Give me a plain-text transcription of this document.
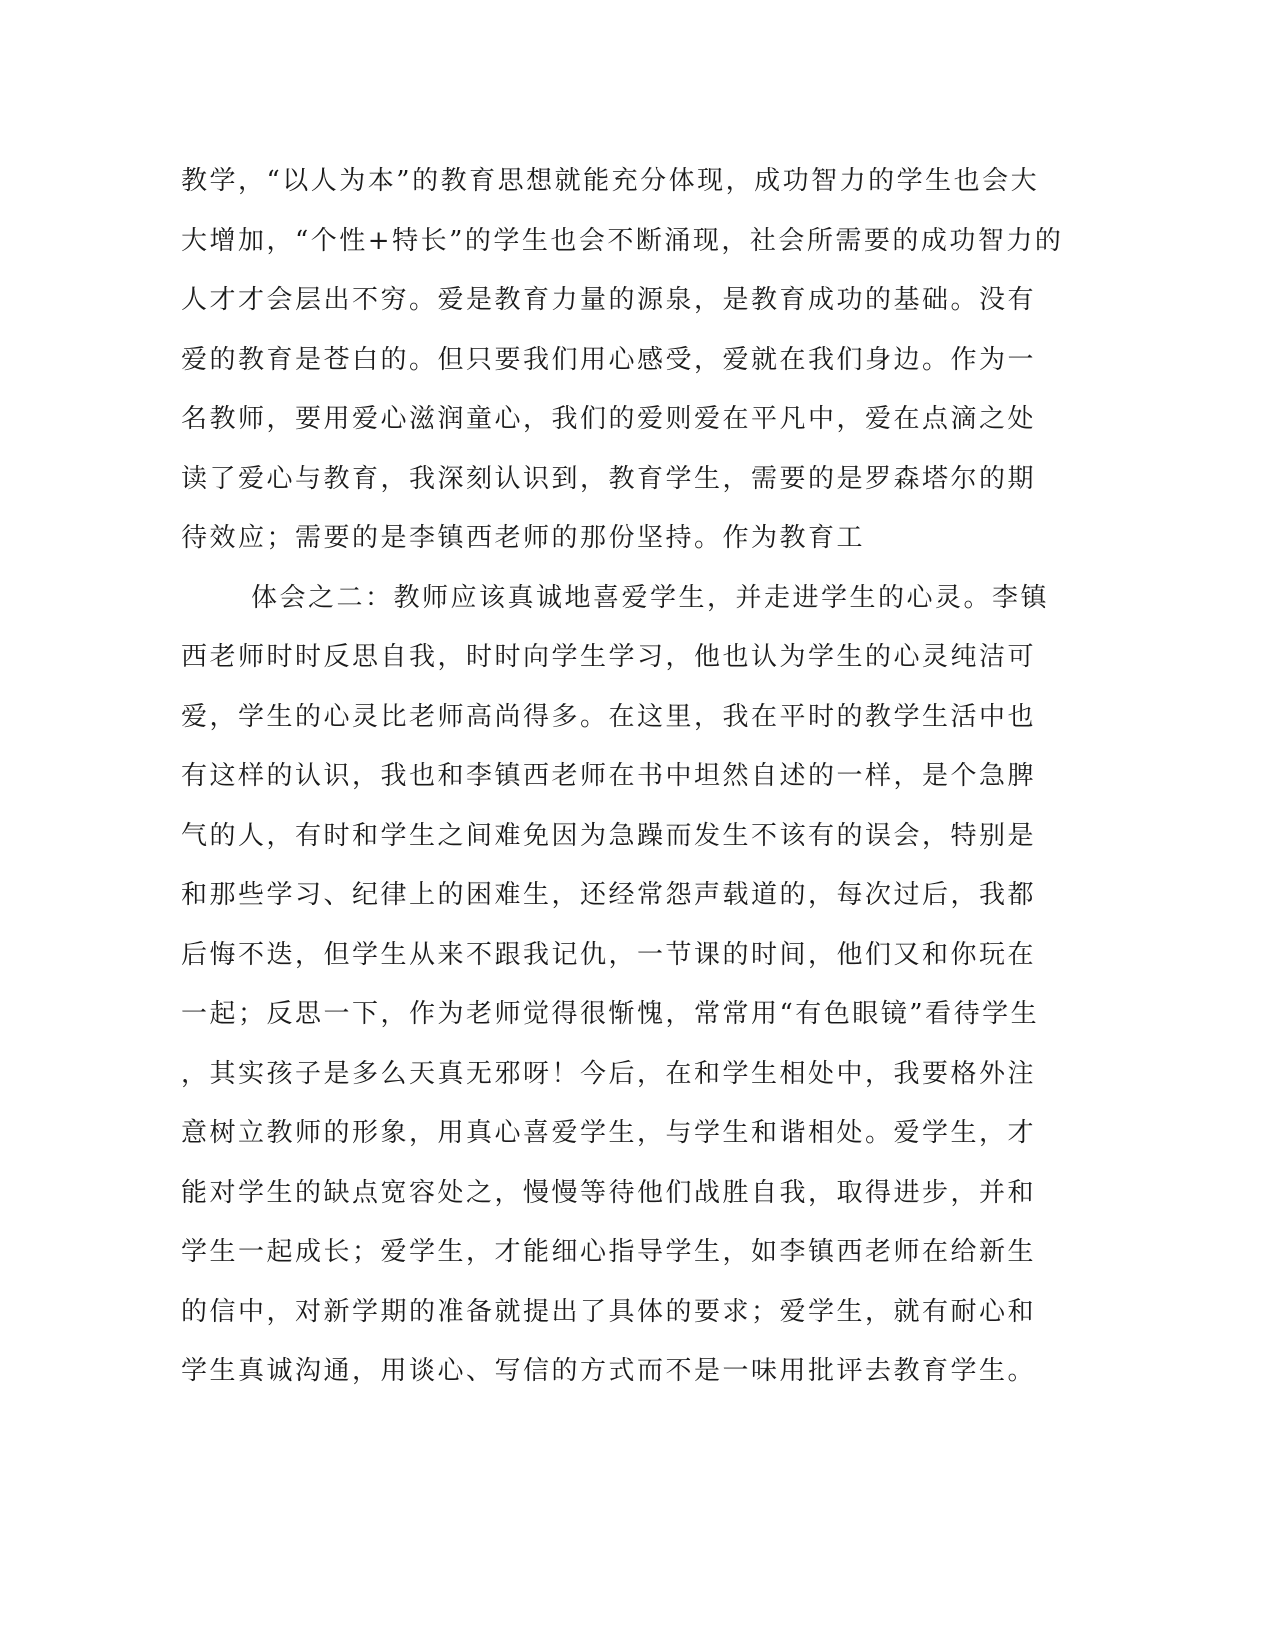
教学，“以人为本”的教育思想就能充分体现，成功智力的学生也会大
大增加，“个性+特长”的学生也会不断涌现，社会所需要的成功智力的
人才才会层出不穷。爱是教育力量的源泉，是教育成功的基础。没有
爱的教育是苍白的。但只要我们用心感受，爱就在我们身边。作为一
名教师，要用爱心滋润童心，我们的爱则爱在平凡中，爱在点滴之处
读了爱心与教育，我深刻认识到，教育学生，需要的是罗森塔尔的期
待效应；需要的是李镇西老师的那份坚持。作为教育工
体会之二：教师应该真诚地喜爱学生，并走进学生的心灵。李镇
西老师时时反思自我，时时向学生学习，他也认为学生的心灵纯洁可
爱，学生的心灵比老师高尚得多。在这里，我在平时的教学生活中也
有这样的认识，我也和李镇西老师在书中坦然自述的一样，是个急脾
气的人，有时和学生之间难免因为急躁而发生不该有的误会，特别是
和那些学习、纪律上的困难生，还经常怨声载道的，每次过后，我都
后悔不迭，但学生从来不跟我记仇，一节课的时间，他们又和你玩在
一起；反思一下，作为老师觉得很惭愧，常常用“有色眼镜”看待学生
，其实孩子是多么天真无邪呀！今后，在和学生相处中，我要格外注
意树立教师的形象，用真心喜爱学生，与学生和谐相处。爱学生，才
能对学生的缺点宽容处之，慢慢等待他们战胜自我，取得进步，并和
学生一起成长；爱学生，才能细心指导学生，如李镇西老师在给新生
的信中，对新学期的准备就提出了具体的要求；爱学生，就有耐心和
学生真诚沟通，用谈心、写信的方式而不是一味用批评去教育学生。
